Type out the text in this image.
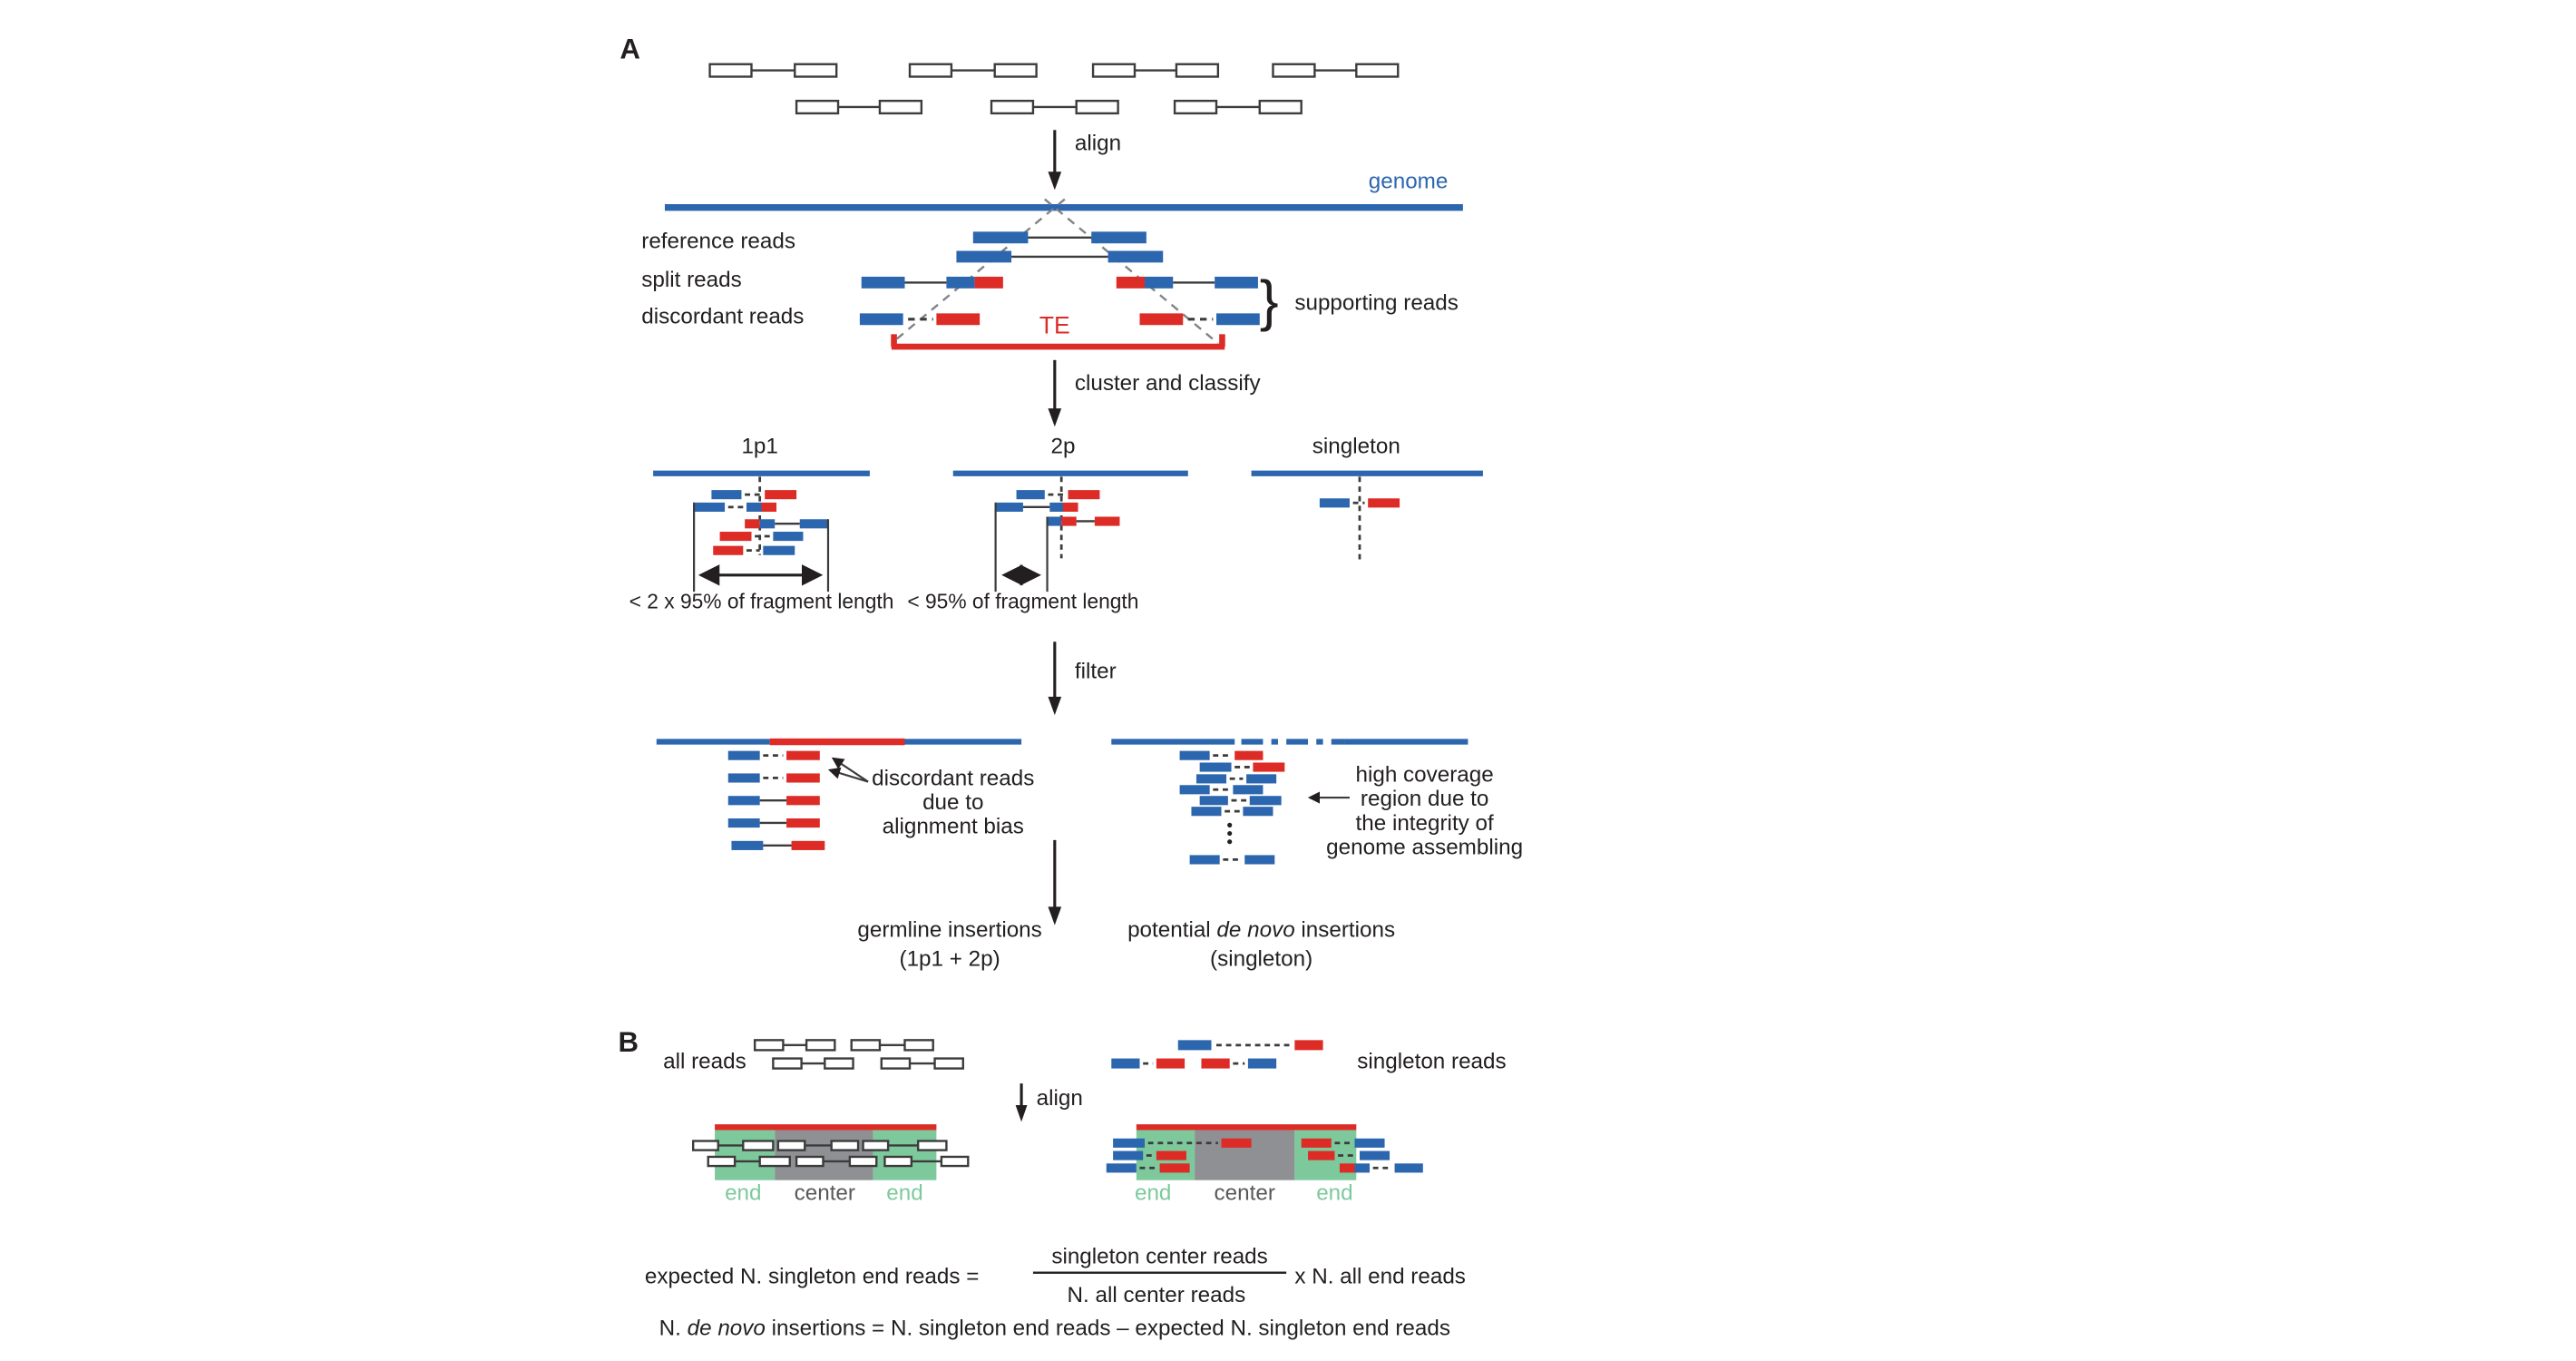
A
align
genome
reference reads
split reads
discordant reads	TE	} supporting reads
cluster and classify
1p1
< 2 x 95% of fragment length
2p
< 95% of fragment length
singleton
filter
discordant reads
due to
alignment bias
high coverage
region due to
the integrity of
genome assembling
germline insertions
(1p1 + 2p)
potential de novo insertions
(singleton)
B
all reads	singleton reads
align
end	center	end	end	center	end
expected N. singleton end reads =
singleton center reads
N. all center reads
x N. all end reads
N. de novo insertions = N. singleton end reads – expected N. singleton end reads
